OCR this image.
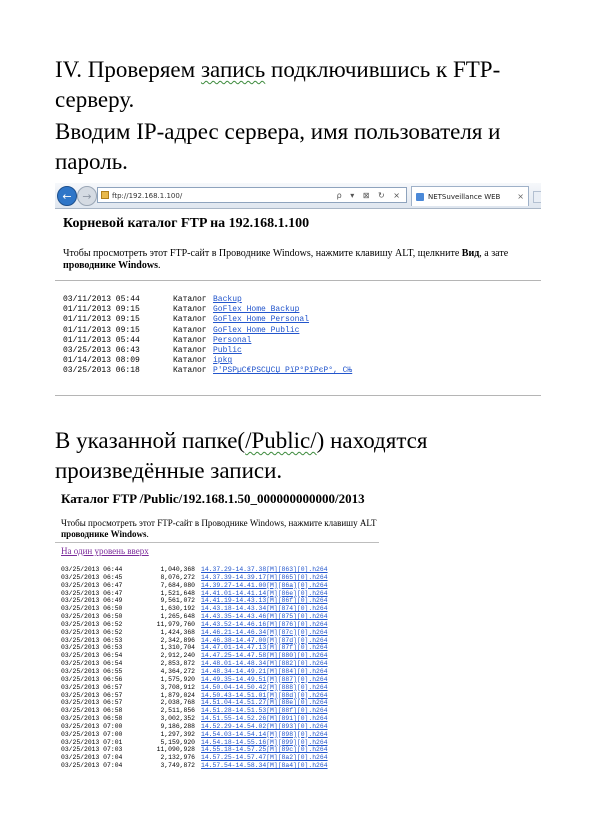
IV. Проверяем запись подключившись к FTP-
серверу.

Вводим IP-адрес сервера, имя пользователя и
пароль.

← →	ftp://192.168.1.100/	ρ ▾ ⊠ ↻ ×	NETSuveillance WEB ×

Корневой каталог FTP на 192.168.1.100

Чтобы просмотреть этот FTP-сайт в Проводнике Windows, нажмите клавишу ALT, щелкните Вид, а зате

проводнике Windows.

03/11/2013 05:44	Каталог Backup
01/11/2013 09:15	Каталог GoFlex Home Backup
01/11/2013 09:15	Каталог GoFlex Home Personal
01/11/2013 09:15	Каталог GoFlex Home Public
01/11/2013 05:44	Каталог Personal
03/25/2013 06:43	Каталог Public
01/14/2013 08:09	Каталог ipkg
03/25/2013 06:18	Каталог Р'РЅРµС€РЅСЏСЏ РїР°РїРєР°, CЊ

В указанной папке(/Public/) находятся
произведённые записи.

Каталог FTP /Public/192.168.1.50_000000000000/2013

Чтобы просмотреть этот FTP-сайт в Проводнике Windows, нажмите клавишу ALT

проводнике Windows.

На один уровень вверх
03/25/2013 06:44	1,040,368 14.37.29-14.37.38[M][863][0].h264
03/25/2013 06:45	8,076,272 14.37.39-14.39.17[M][865][0].h264
03/25/2013 06:47	7,684,080 14.39.27-14.41.00[M][86a][0].h264
03/25/2013 06:47	1,521,648 14.41.01-14.41.14[M][86e][0].h264
03/25/2013 06:49	9,561,072 14.41.19-14.43.13[M][86f][0].h264
03/25/2013 06:50	1,630,192 14.43.18-14.43.34[M][874][0].h264
03/25/2013 06:50	1,265,648 14.43.35-14.43.46[M][875][0].h264
03/25/2013 06:52	11,979,760 14.43.52-14.46.16[M][876][0].h264
03/25/2013 06:52	1,424,368 14.46.21-14.46.34[M][87c][0].h264
03/25/2013 06:53	2,342,896 14.46.38-14.47.00[M][87d][0].h264
03/25/2013 06:53	1,310,704 14.47.01-14.47.13[M][87f][0].h264
03/25/2013 06:54	2,912,240 14.47.25-14.47.58[M][880][0].h264
03/25/2013 06:54	2,853,872 14.48.01-14.48.34[M][882][0].h264
03/25/2013 06:55	4,364,272 14.48.34-14.49.21[M][884][0].h264
03/25/2013 06:56	1,575,920 14.49.35-14.49.51[M][887][0].h264
03/25/2013 06:57	3,708,912 14.50.04-14.50.42[M][888][0].h264
03/25/2013 06:57	1,879,024 14.50.43-14.51.01[M][88d][0].h264
03/25/2013 06:57	2,038,768 14.51.04-14.51.27[M][88e][0].h264
03/25/2013 06:58	2,511,856 14.51.28-14.51.53[M][88f][0].h264
03/25/2013 06:58	3,002,352 14.51.55-14.52.26[M][891][0].h264
03/25/2013 07:00	9,186,288 14.52.29-14.54.02[M][893][0].h264
03/25/2013 07:00	1,297,392 14.54.03-14.54.14[M][898][0].h264
03/25/2013 07:01	5,159,920 14.54.18-14.55.16[M][899][0].h264
03/25/2013 07:03	11,090,928 14.55.18-14.57.25[M][89c][0].h264
03/25/2013 07:04	2,132,976 14.57.25-14.57.47[M][8a2][0].h264
03/25/2013 07:04	3,749,872 14.57.54-14.58.34[M][8a4][0].h264
